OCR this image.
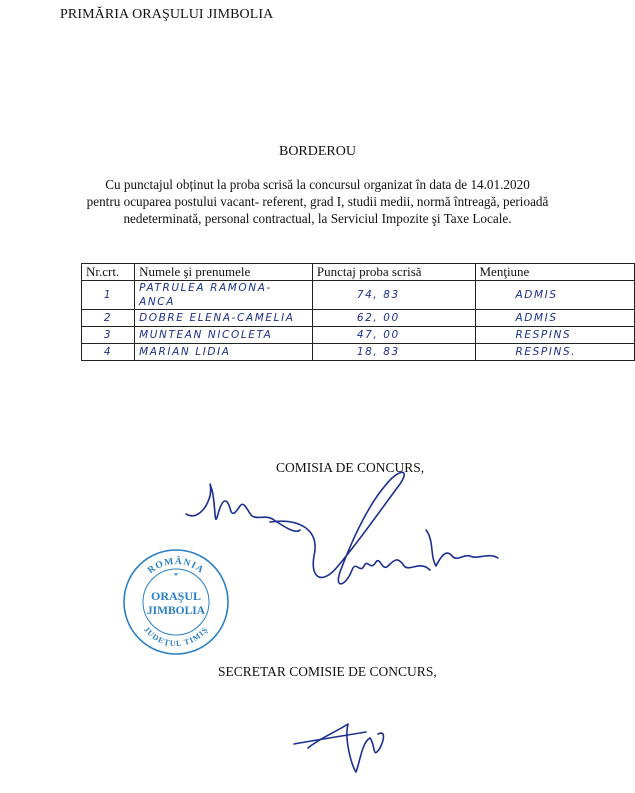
PRIMĂRIA ORAŞULUI JIMBOLIA
BORDEROU
Cu punctajul obținut la proba scrisă la concursul organizat în data de 14.01.2020
pentru ocuparea postului vacant- referent, grad I, studii medii, normă întreagă, perioadă
nedeterminată, personal contractual, la Serviciul Impozite şi Taxe Locale.
Nr.crt.	Numele şi prenumele	Punctaj proba scrisă	Menţiune
1	PATRULEA RAMONA-ANCA	74, 83	ADMIS
2	DOBRE ELENA-CAMELIA	62, 00	ADMIS
3	MUNTEAN NICOLETA	47, 00	RESPINS
4	MARIAN LIDIA	18, 83	RESPINS.
COMISIA DE CONCURS,
ROMÂNIA
*
ORAŞUL
JIMBOLIA
JUDEŢUL TIMIŞ
SECRETAR COMISIE DE CONCURS,
